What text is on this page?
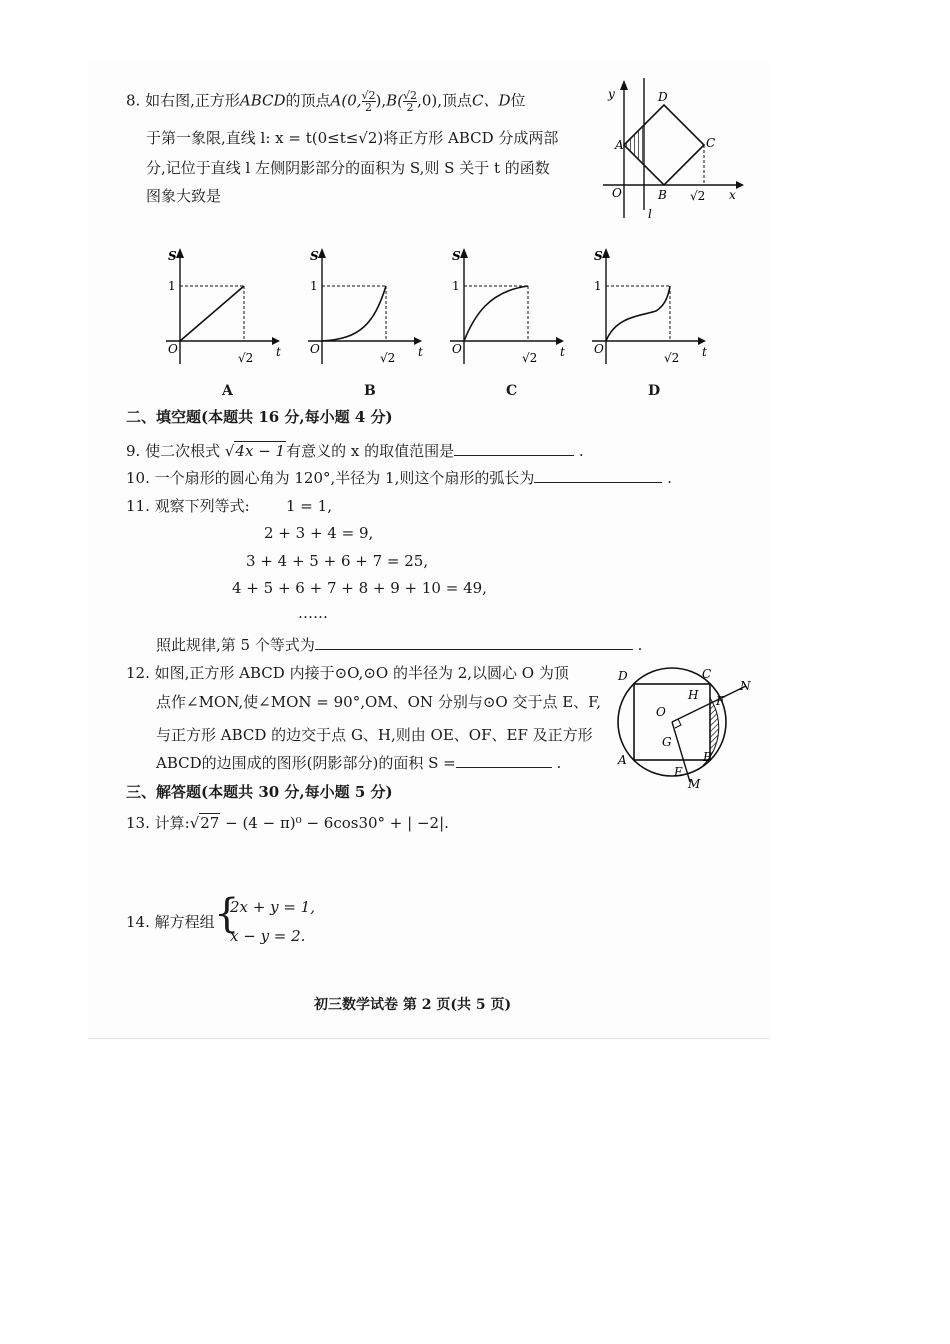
8. 如右图,正方形ABCD的顶点A(0, $\frac{√2}{2} ),B( \frac{√2}{2} ,0)$,顶点C、D位
于第一象限,直线 l: x = t(0≤t≤√2)将正方形 ABCD 分成两部
分,记位于直线 l 左侧阴影部分的面积为 S,则 S 关于 t 的函数
图象大致是
y
x
O
A
B
C
D
l
√2
S
1
O	t
√2
A
S
1
O	t
√2
B
S
1
O	t
√2
C
S
1
O	t
√2
D
二、填空题(本题共 16 分,每小题 4 分)
9. 使二次根式 √4x − 1有意义的 x 的取值范围是	.
10. 一个扇形的圆心角为 120°,半径为 1,则这个扇形的弧长为	.
11. 观察下列等式: 1 = 1,
2 + 3 + 4 = 9,
3 + 4 + 5 + 6 + 7 = 25,
4 + 5 + 6 + 7 + 8 + 9 + 10 = 49,
……
照此规律,第 5 个等式为	.
12. 如图,正方形 ABCD 内接于⊙O,⊙O 的半径为 2,以圆心 O 为顶
点作∠MON,使∠MON = 90°,OM、ON 分别与⊙O 交于点 E、F,
与正方形 ABCD 的边交于点 G、H,则由 OE、OF、EF 及正方形
ABCD的边围成的图形(阴影部分)的面积 S =	.
D	C
A	B
O
H F
N
G
E
M
三、解答题(本题共 30 分,每小题 5 分)
13. 计算:√27 − (4 − π)⁰ − 6cos30° + | −2|.
14. 解方程组 {
2x + y = 1,
x − y = 2.
初三数学试卷 第 2 页(共 5 页)
